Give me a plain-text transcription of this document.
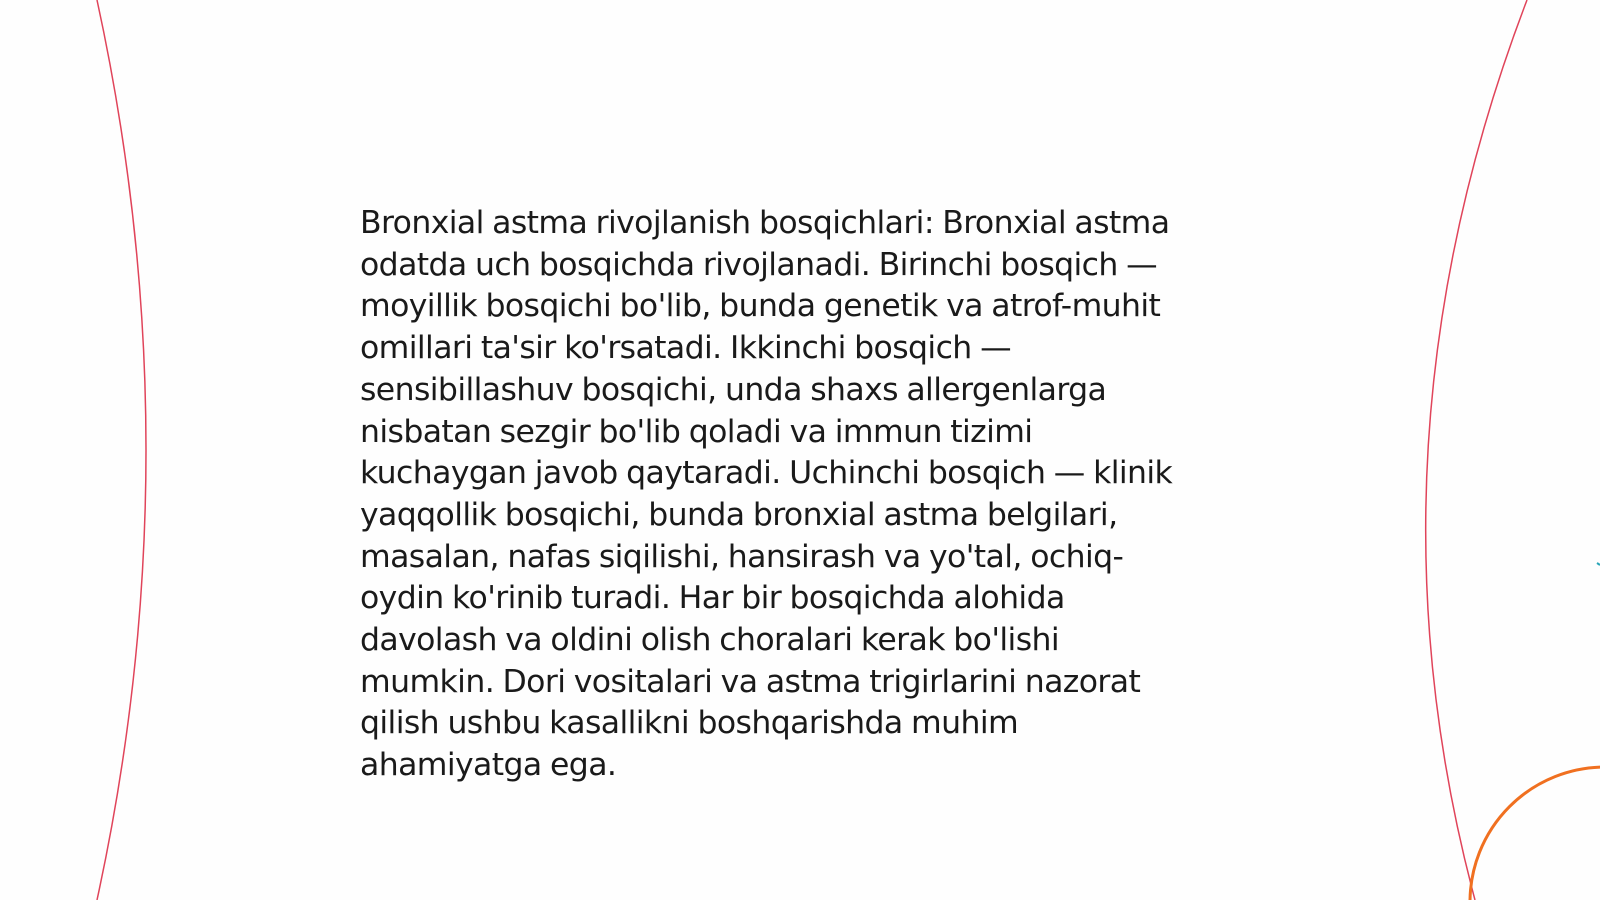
Bronxial astma rivojlanish bosqichlari: Bronxial astma
odatda uch bosqichda rivojlanadi. Birinchi bosqich —
moyillik bosqichi bo'lib, bunda genetik va atrof-muhit
omillari ta'sir ko'rsatadi. Ikkinchi bosqich —
sensibillashuv bosqichi, unda shaxs allergenlarga
nisbatan sezgir bo'lib qoladi va immun tizimi
kuchaygan javob qaytaradi. Uchinchi bosqich — klinik
yaqqollik bosqichi, bunda bronxial astma belgilari,
masalan, nafas siqilishi, hansirash va yo'tal, ochiq-
oydin ko'rinib turadi. Har bir bosqichda alohida
davolash va oldini olish choralari kerak bo'lishi
mumkin. Dori vositalari va astma trigirlarini nazorat
qilish ushbu kasallikni boshqarishda muhim
ahamiyatga ega.
